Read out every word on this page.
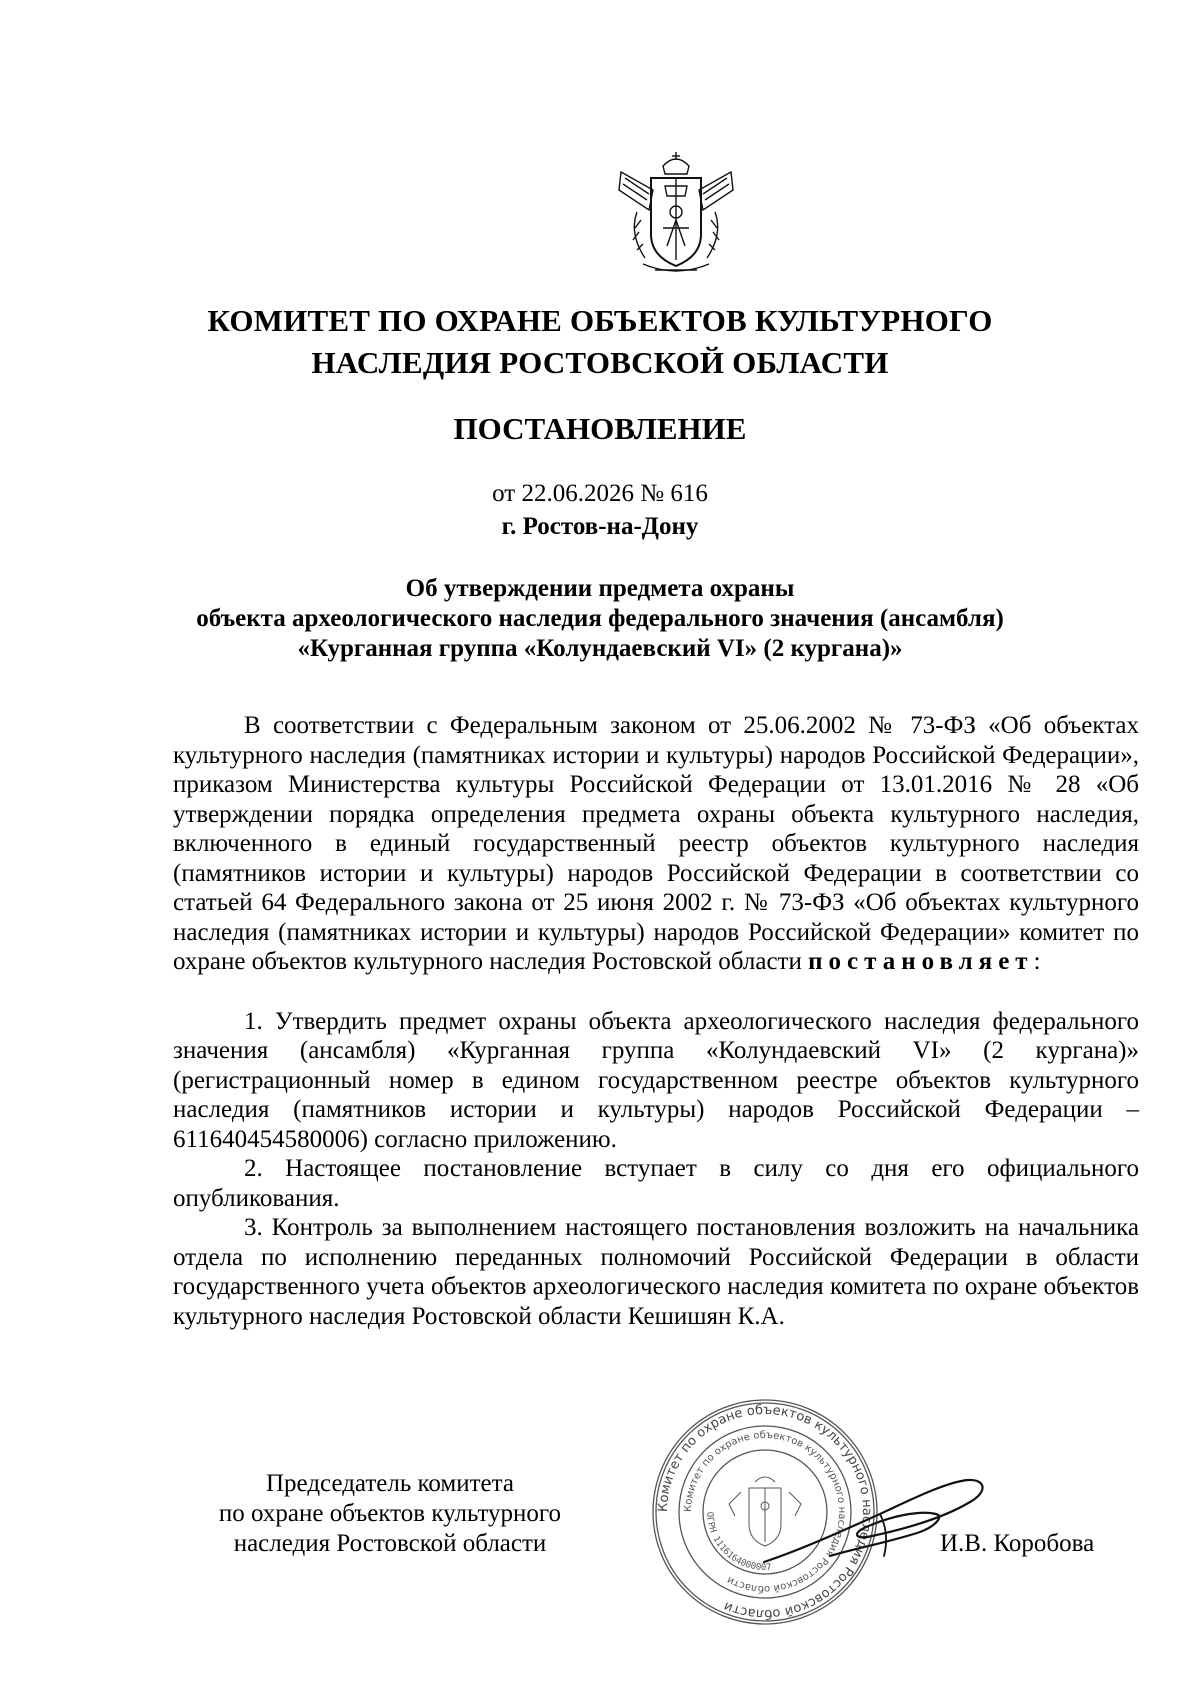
КОМИТЕТ ПО ОХРАНЕ ОБЪЕКТОВ КУЛЬТУРНОГО
НАСЛЕДИЯ РОСТОВСКОЙ ОБЛАСТИ
ПОСТАНОВЛЕНИЕ
от 22.06.2026 № 616
г. Ростов-на-Дону
Об утверждении предмета охраны
объекта археологического наследия федерального значения (ансамбля)
«Курганная группа «Колундаевский VI» (2 кургана)»

В соответствии с Федеральным законом от 25.06.2002 № 73-ФЗ «Об объектах культурного наследия (памятниках истории и культуры) народов Российской Федерации», приказом Министерства культуры Российской Федерации от 13.01.2016 № 28 «Об утверждении порядка определения предмета охраны объекта культурного наследия, включенного в единый государственный реестр объектов культурного наследия (памятников истории и культуры) народов Российской Федерации в соответствии со статьей 64 Федерального закона от 25 июня 2002 г. № 73-ФЗ «Об объектах культурного наследия (памятниках истории и культуры) народов Российской Федерации» комитет по охране объектов культурного наследия Ростовской области постановляет:

1. Утвердить предмет охраны объекта археологического наследия федерального значения (ансамбля) «Курганная группа «Колундаевский VI» (2 кургана)» (регистрационный номер в едином государственном реестре объектов культурного наследия (памятников истории и культуры) народов Российской Федерации – 611640454580006) согласно приложению.

2. Настоящее постановление вступает в силу со дня его официального опубликования.

3. Контроль за выполнением настоящего постановления возложить на начальника отдела по исполнению переданных полномочий Российской Федерации в области государственного учета объектов археологического наследия комитета по охране объектов культурного наследия Ростовской области Кешишян К.А.

Председатель комитета
по охране объектов культурного
наследия Ростовской области
Комитет по охране объектов культурного наследия Ростовской области
Комитет по охране объектов культурного наследия Ростовской области
ОГРН 1116164000007
И.В. Коробова
